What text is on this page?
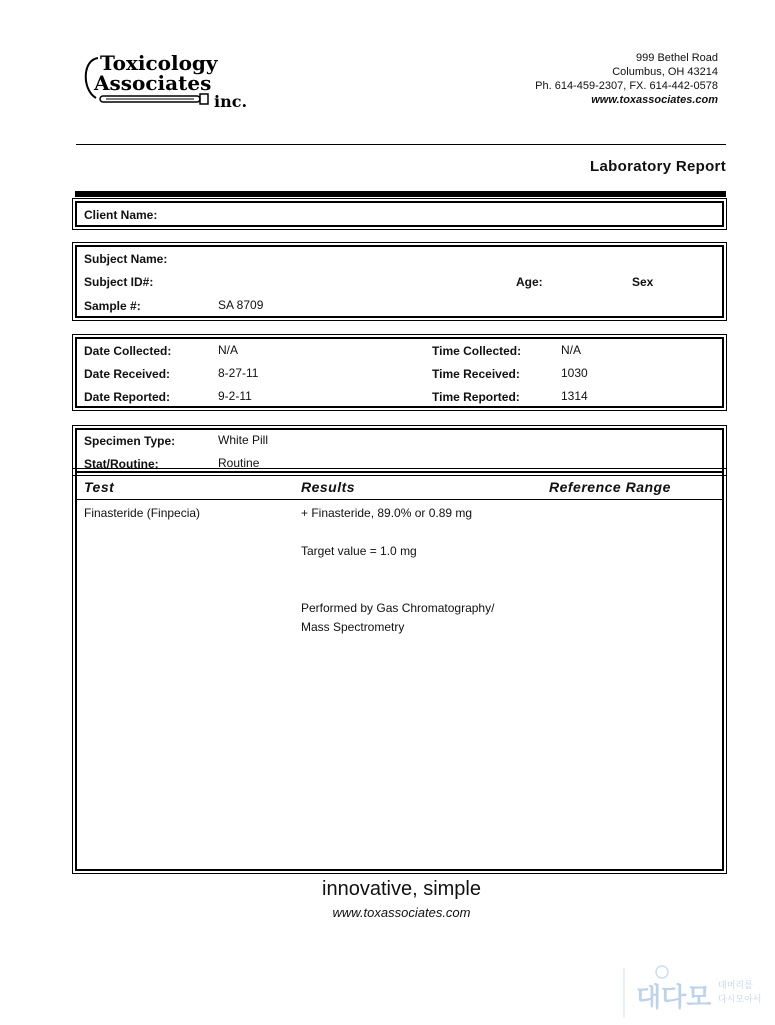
Toxicology
Associates
inc.
999 Bethel Road
Columbus, OH 43214
Ph. 614-459-2307, FX. 614-442-0578
www.toxassociates.com
Laboratory Report
Client Name:
Subject Name:
Subject ID#:	Age:	Sex
Sample #:	SA 8709
Date Collected:	N/A	Time Collected:	N/A
Date Received:	8-27-11	Time Received:	1030
Date Reported:	9-2-11	Time Reported:	1314
Specimen Type:	White Pill
Stat/Routine:	Routine
Test	Results	Reference Range
Finasteride (Finpecia)	+ Finasteride, 89.0% or 0.89 mg
Target value = 1.0 mg
Performed by Gas Chromatography/
Mass Spectrometry
innovative, simple
www.toxassociates.com
대다모 대머리를
다시모아서
